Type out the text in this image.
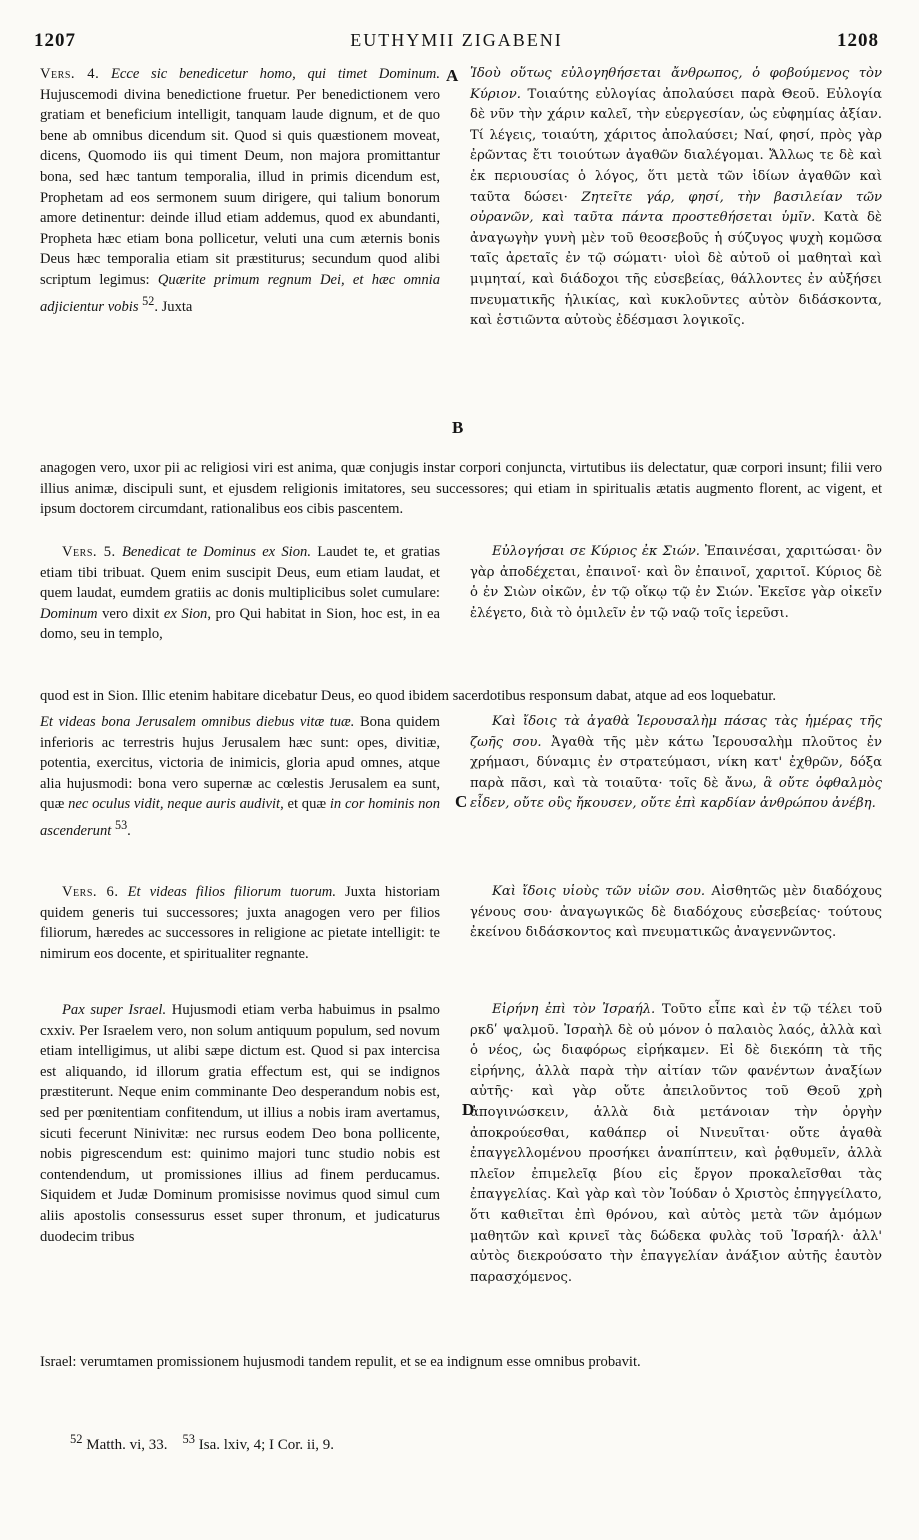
1207	EUTHYMII ZIGABENI	1208
Vers. 4. Ecce sic benedicetur homo, qui timet Dominum. Hujuscemodi divina benedictione fruetur. Per benedictionem vero gratiam et beneficium intelligit, tanquam laude dignum, et de quo bene ab omnibus dicendum sit. Quod si quis quæstionem moveat, dicens, Quomodo iis qui timent Deum, non majora promittantur bona, sed hæc tantum temporalia, illud in primis dicendum est, Prophetam ad eos sermonem suum dirigere, qui talium bonorum amore detinentur: deinde illud etiam addemus, quod ex abundanti, Propheta hæc etiam bona pollicetur, veluti una cum æternis bonis Deus hæc temporalia etiam sit præstiturus; secundum quod alibi scriptum legimus: Quærite primum regnum Dei, et hæc omnia adjicientur vobis $^{52}$. Juxta
Ἰδοὺ οὕτως εὐλογηθήσεται ἄνθρωπος, ὁ φοβούμενος τὸν Κύριον. Τοιαύτης εὐλογίας ἀπολαύσει παρὰ Θεοῦ. Εὐλογία δὲ νῦν τὴν χάριν καλεῖ, τὴν εὐεργεσίαν, ὡς εὐφημίας ἀξίαν. Τί λέγεις, τοιαύτη, χάριτος ἀπολαύσει; Ναί, φησί, πρὸς γὰρ ἐρῶντας ἔτι τοιούτων ἀγαθῶν διαλέγομαι. Ἄλλως τε δὲ καὶ ἐκ περιουσίας ὁ λόγος, ὅτι μετὰ τῶν ἰδίων ἀγαθῶν καὶ ταῦτα δώσει· Ζητεῖτε γάρ, φησί, τὴν βασιλείαν τῶν οὐρανῶν, καὶ ταῦτα πάντα προστεθήσεται ὑμῖν. Κατὰ δὲ ἀναγωγὴν γυνὴ μὲν τοῦ θεοσεβοῦς ἡ σύζυγος ψυχὴ κομῶσα ταῖς ἀρεταῖς ἐν τῷ σώματι· υἱοὶ δὲ αὐτοῦ οἱ μαθηταὶ καὶ μιμηταί, καὶ διάδοχοι τῆς εὐσεβείας, θάλλοντες ἐν αὐξήσει πνευματικῆς ἡλικίας, καὶ κυκλοῦντες αὐτὸν διδάσκοντα, καὶ ἑστιῶντα αὐτοὺς ἐδέσμασι λογικοῖς.
A
B
anagogen vero, uxor pii ac religiosi viri est anima, quæ conjugis instar corpori conjuncta, virtutibus iis delectatur, quæ corpori insunt; filii vero illius animæ, discipuli sunt, et ejusdem religionis imitatores, seu successores; qui etiam in spiritualis ætatis augmento florent, ac vigent, et ipsum doctorem circumdant, rationalibus eos cibis pascentem.
Vers. 5. Benedicat te Dominus ex Sion. Laudet te, et gratias etiam tibi tribuat. Quem enim suscipit Deus, eum etiam laudat, et quem laudat, eumdem gratiis ac donis multiplicibus solet cumulare: Dominum vero dixit ex Sion, pro Qui habitat in Sion, hoc est, in ea domo, seu in templo,
Εὐλογήσαι σε Κύριος ἐκ Σιών. Ἐπαινέσαι, χαριτώσαι· ὃν γὰρ ἀποδέχεται, ἐπαινοῖ· καὶ ὃν ἐπαινοῖ, χαριτοῖ. Κύριος δὲ ὁ ἐν Σιὼν οἰκῶν, ἐν τῷ οἴκῳ τῷ ἐν Σιών. Ἐκεῖσε γὰρ οἰκεῖν ἐλέγετο, διὰ τὸ ὁμιλεῖν ἐν τῷ ναῷ τοῖς ἱερεῦσι.
quod est in Sion. Illic etenim habitare dicebatur Deus, eo quod ibidem sacerdotibus responsum dabat, atque ad eos loquebatur.
Et videas bona Jerusalem omnibus diebus vitæ tuæ. Bona quidem inferioris ac terrestris hujus Jerusalem hæc sunt: opes, divitiæ, potentia, exercitus, victoria de inimicis, gloria apud omnes, atque alia hujusmodi: bona vero supernæ ac cœlestis Jerusalem ea sunt, quæ nec oculus vidit, neque auris audivit, et quæ in cor hominis non ascenderunt $^{53}$.
Καὶ ἴδοις τὰ ἀγαθὰ Ἱερουσαλὴμ πάσας τὰς ἡμέρας τῆς ζωῆς σου. Ἀγαθὰ τῆς μὲν κάτω Ἱερουσαλὴμ πλοῦτος ἐν χρήμασι, δύναμις ἐν στρατεύμασι, νίκη κατ' ἐχθρῶν, δόξα παρὰ πᾶσι, καὶ τὰ τοιαῦτα· τοῖς δὲ ἄνω, ἃ οὔτε ὀφθαλμὸς εἶδεν, οὔτε οὓς ἤκουσεν, οὔτε ἐπὶ καρδίαν ἀνθρώπου ἀνέβη.
C
Vers. 6. Et videas filios filiorum tuorum. Juxta historiam quidem generis tui successores; juxta anagogen vero per filios filiorum, hæredes ac successores in religione ac pietate intelligit: te nimirum eos docente, et spiritualiter regnante.
Καὶ ἴδοις υἱοὺς τῶν υἱῶν σου. Αἰσθητῶς μὲν διαδόχους γένους σου· ἀναγωγικῶς δὲ διαδόχους εὐσεβείας· τούτους ἐκείνου διδάσκοντος καὶ πνευματικῶς ἀναγεννῶντος.
Pax super Israel. Hujusmodi etiam verba habuimus in psalmo cxxiv. Per Israelem vero, non solum antiquum populum, sed novum etiam intelligimus, ut alibi sæpe dictum est. Quod si pax intercisa est aliquando, id illorum gratia effectum est, qui se indignos præstiterunt. Neque enim comminante Deo desperandum nobis est, sed per pœnitentiam confitendum, ut illius a nobis iram avertamus, sicuti fecerunt Ninivitæ: nec rursus eodem Deo bona pollicente, nobis pigrescendum est: quinimo majori tunc studio nobis est contendendum, ut promissiones illius ad finem perducamus. Siquidem et Judæ Dominum promisisse novimus quod simul cum aliis apostolis consessurus esset super thronum, et judicaturus duodecim tribus
Εἰρήνη ἐπὶ τὸν Ἰσραήλ. Τοῦτο εἶπε καὶ ἐν τῷ τέλει τοῦ ρκδʹ ψαλμοῦ. Ἰσραὴλ δὲ οὐ μόνον ὁ παλαιὸς λαός, ἀλλὰ καὶ ὁ νέος, ὡς διαφόρως εἰρήκαμεν. Εἰ δὲ διεκόπη τὰ τῆς εἰρήνης, ἀλλὰ παρὰ τὴν αἰτίαν τῶν φανέντων ἀναξίων αὐτῆς· καὶ γὰρ οὔτε ἀπειλοῦντος τοῦ Θεοῦ χρὴ ἀπογινώσκειν, ἀλλὰ διὰ μετάνοιαν τὴν ὀργὴν ἀποκρούεσθαι, καθάπερ οἱ Νινευῖται· οὔτε ἀγαθὰ ἐπαγγελλομένου προσήκει ἀναπίπτειν, καὶ ῥᾳθυμεῖν, ἀλλὰ πλεῖον ἐπιμελεῖᾳ βίου εἰς ἔργον προκαλεῖσθαι τὰς ἐπαγγελίας. Καὶ γὰρ καὶ τὸν Ἰούδαν ὁ Χριστὸς ἐπηγγείλατο, ὅτι καθιεῖται ἐπὶ θρόνου, καὶ αὐτὸς μετὰ τῶν ἀμόμων μαθητῶν καὶ κρινεῖ τὰς δώδεκα φυλὰς τοῦ Ἰσραήλ· ἀλλ' αὐτὸς διεκρούσατο τὴν ἐπαγγελίαν ἀνάξιον αὐτῆς ἑαυτὸν παρασχόμενος.
D
Israel: verumtamen promissionem hujusmodi tandem repulit, et se ea indignum esse omnibus probavit.
$^{52}$ Matth. vi, 33. $^{53}$ Isa. lxiv, 4; I Cor. ii, 9.
